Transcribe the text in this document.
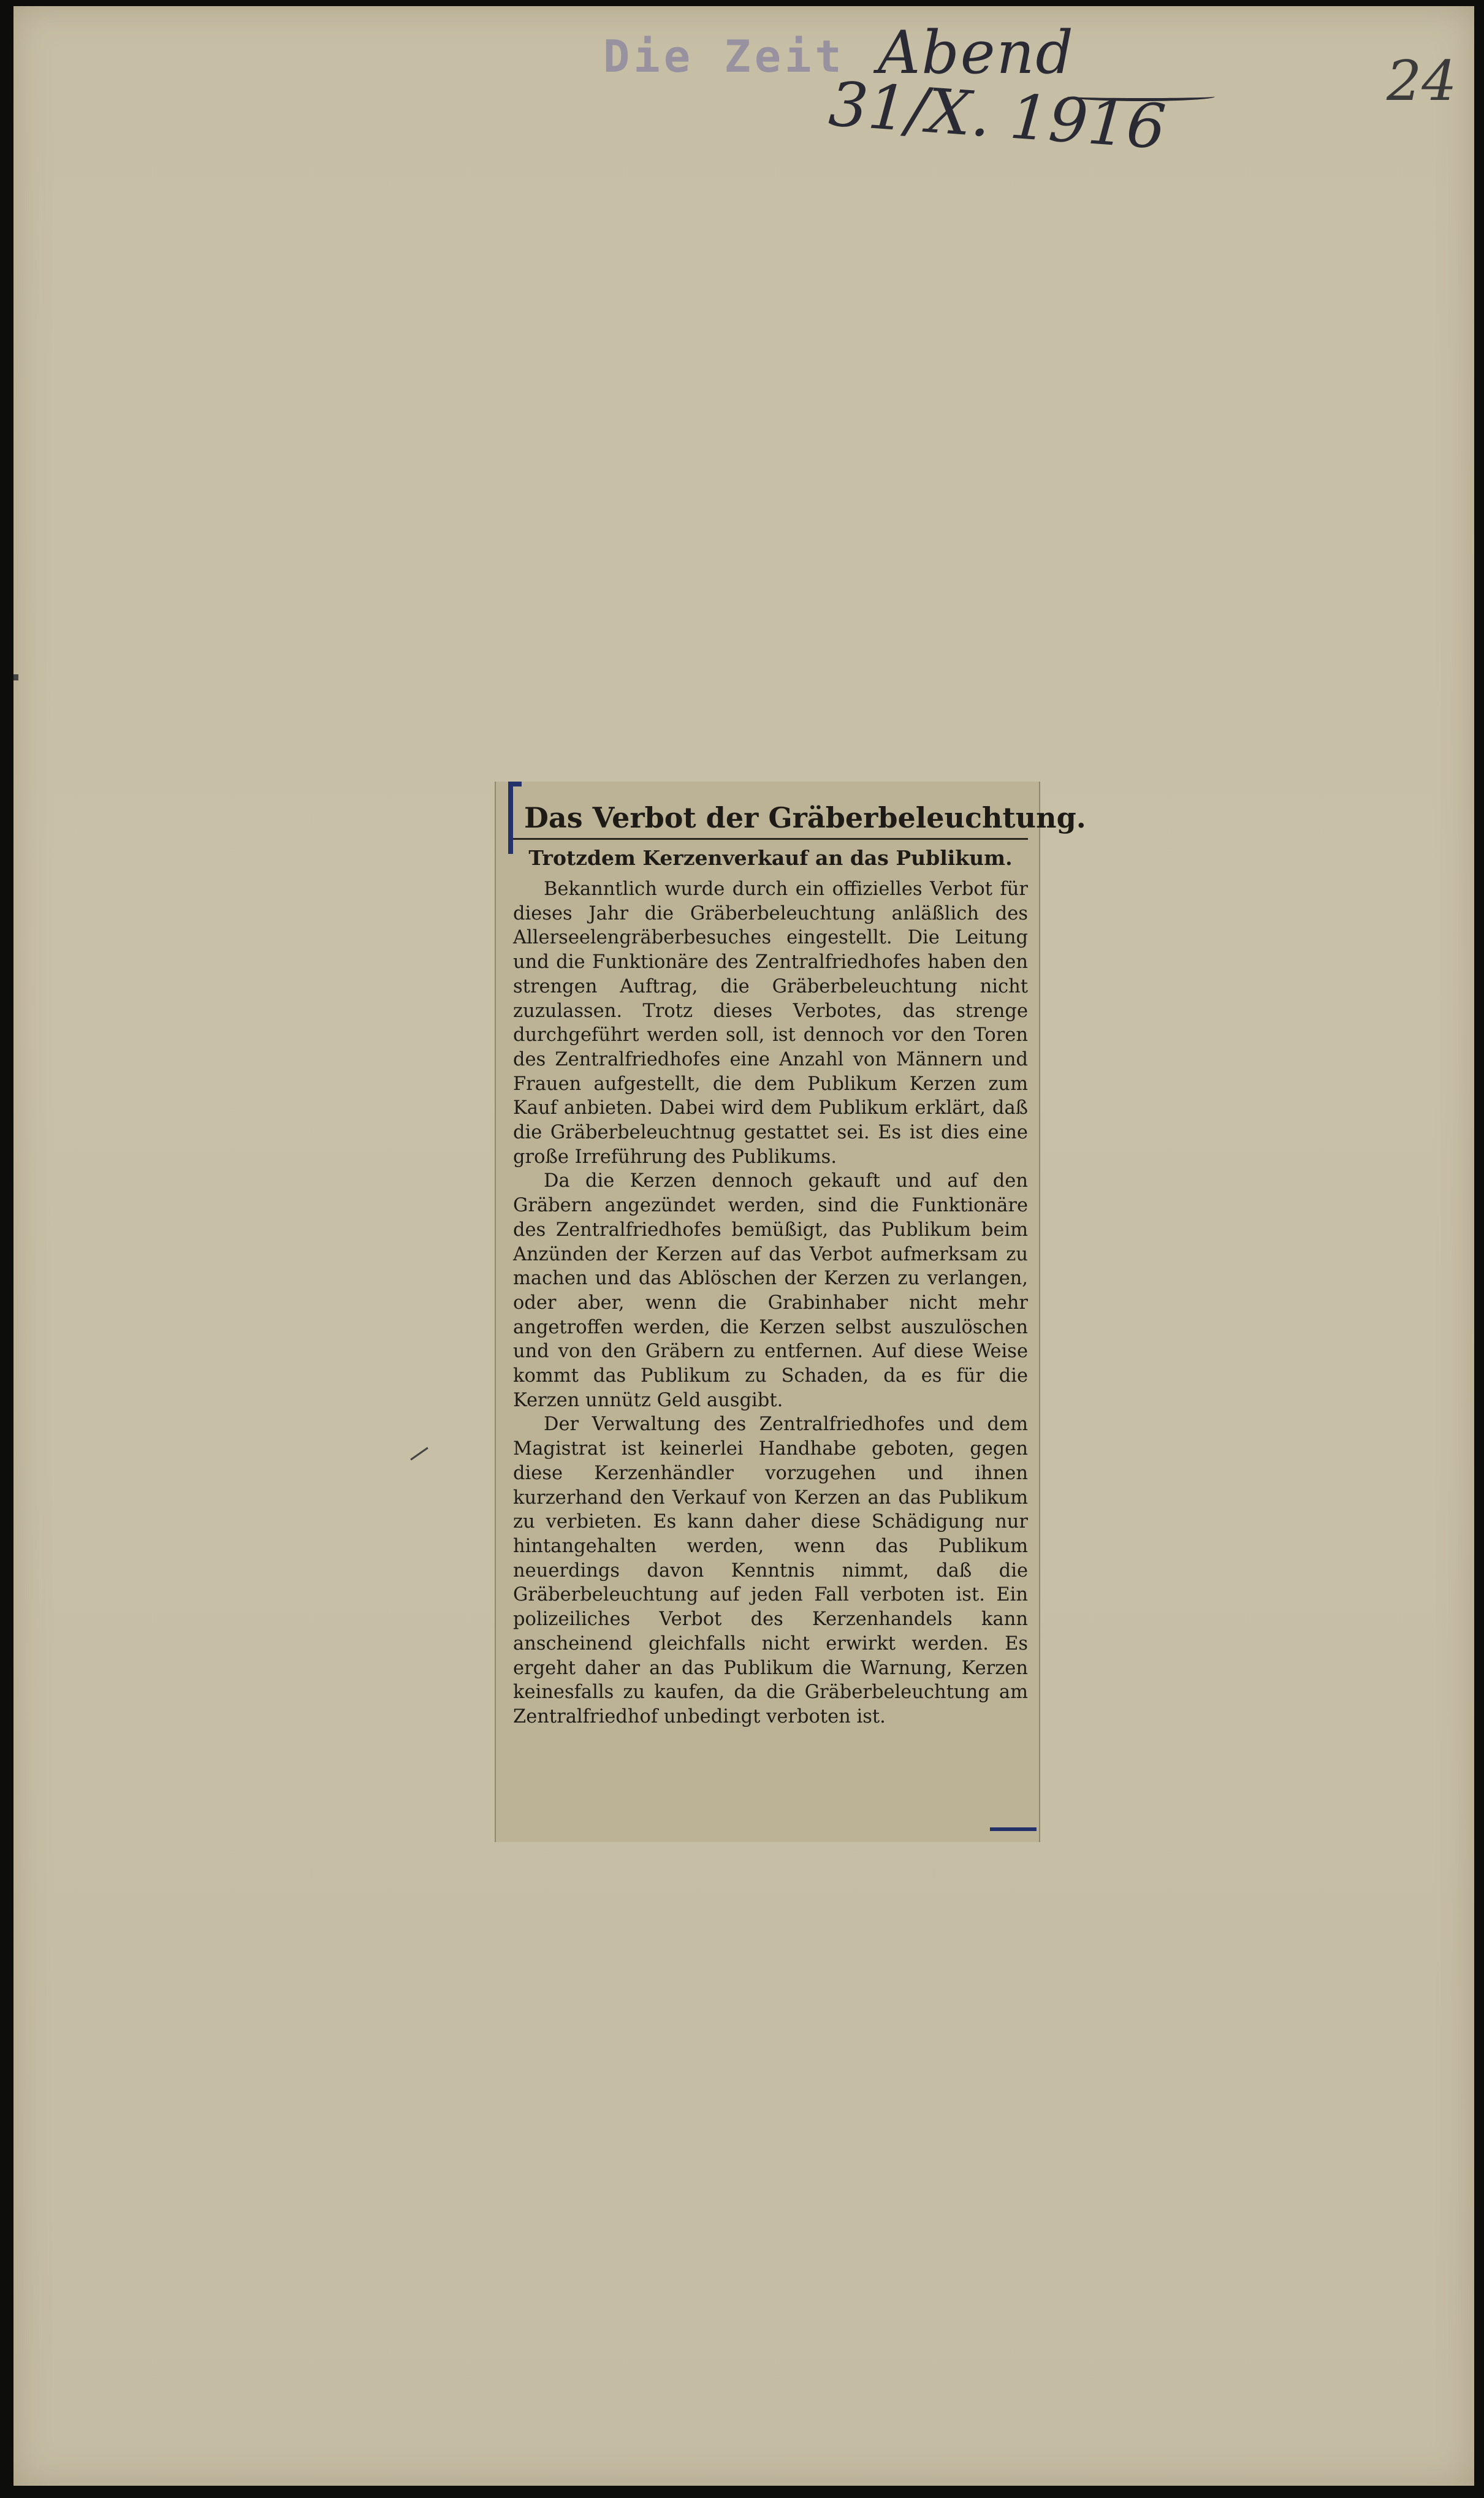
Die Zeit Abend
31/X. 1916	24
Das Verbot der Gräberbeleuchtung.
Trotzdem Kerzenverkauf an das Publikum.

Bekanntlich wurde durch ein offizielles Verbot für dieses Jahr die Gräberbeleuchtung anläßlich des Allerseelengräberbesuches eingestellt. Die Leitung und die Funktionäre des Zentralfriedhofes haben den strengen Auftrag, die Gräberbeleuchtung nicht zuzulassen. Trotz dieses Verbotes, das strenge durchgeführt werden soll, ist dennoch vor den Toren des Zentralfriedhofes eine Anzahl von Männern und Frauen aufgestellt, die dem Publikum Kerzen zum Kauf anbieten. Dabei wird dem Publikum erklärt, daß die Gräberbeleuchtnug gestattet sei. Es ist dies eine große Irreführung des Publikums.

Da die Kerzen dennoch gekauft und auf den Gräbern angezündet werden, sind die Funktionäre des Zentralfriedhofes bemüßigt, das Publikum beim Anzünden der Kerzen auf das Verbot aufmerksam zu machen und das Ablöschen der Kerzen zu verlangen, oder aber, wenn die Grabinhaber nicht mehr angetroffen werden, die Kerzen selbst auszulöschen und von den Gräbern zu entfernen. Auf diese Weise kommt das Publikum zu Schaden, da es für die Kerzen unnütz Geld ausgibt.

Der Verwaltung des Zentralfriedhofes und dem Magistrat ist keinerlei Handhabe geboten, gegen diese Kerzenhändler vorzugehen und ihnen kurzerhand den Verkauf von Kerzen an das Publikum zu verbieten. Es kann daher diese Schädigung nur hintangehalten werden, wenn das Publikum neuerdings davon Kenntnis nimmt, daß die Gräberbeleuchtung auf jeden Fall verboten ist. Ein polizeiliches Verbot des Kerzenhandels kann anscheinend gleichfalls nicht erwirkt werden. Es ergeht daher an das Publikum die Warnung, Kerzen keinesfalls zu kaufen, da die Gräberbeleuchtung am Zentralfriedhof unbedingt verboten ist.
